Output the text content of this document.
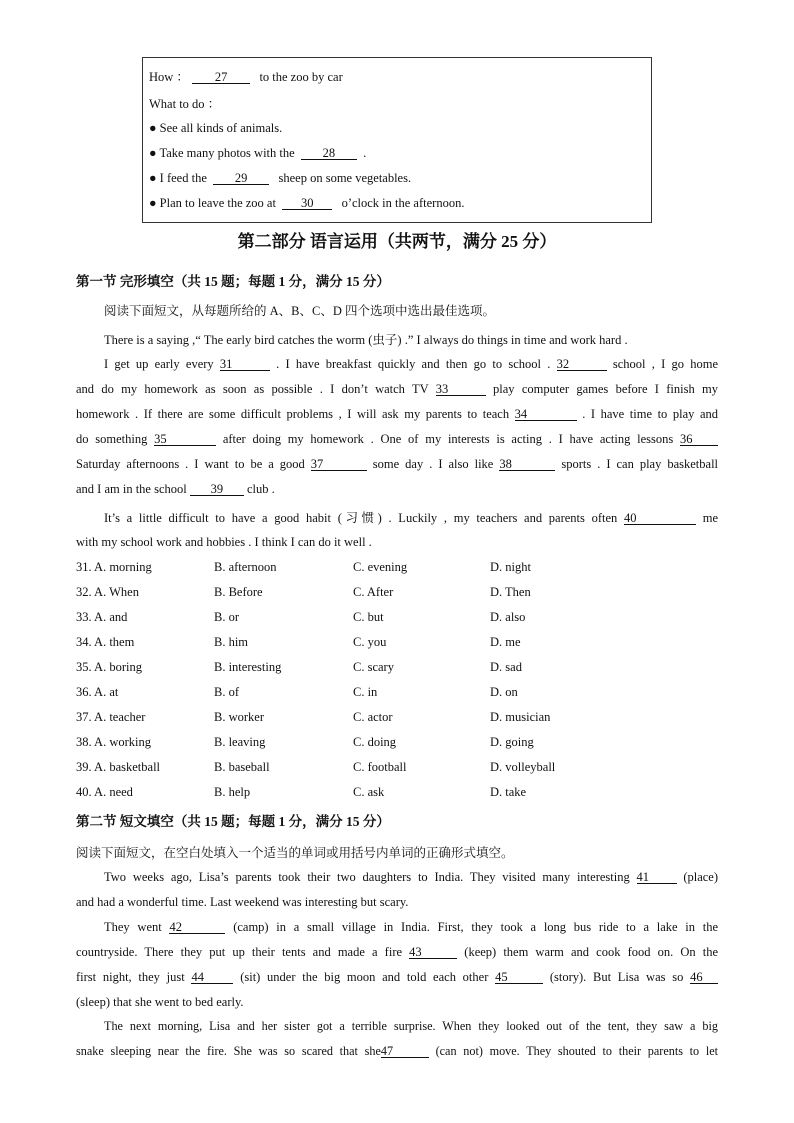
How ： 27	to the zoo by car
What to do ：
● See all kinds of animals.
● Take many photos with the 28 .
● I feed the 29 sheep on some vegetables.
● Plan to leave the zoo at 30 o’clock in the afternoon.
第二部分 语言运用（共两节，满分 25 分）
第一节 完形填空（共 15 题；每题 1 分，满分 15 分）
阅读下面短文，从每题所给的 A、B、C、D 四个选项中选出最佳选项。
There is a saying ,“ The early bird catches the worm (虫子) .” I always do things in time and work hard .
I get up early every 31	. I have breakfast quickly and then go to school . 32	school , I go home
and do my homework as soon as possible . I don’t watch TV 33	play computer games before I finish my
homework . If there are some difficult problems , I will ask my parents to teach 34	. I have time to play and
do something 35	after doing my homework . One of my interests is acting . I have acting lessons 36
Saturday afternoons . I want to be a good 37	some day . I also like 38	sports . I can play basketball
and I am in the school 39 club .
It’s a little difficult to have a good habit (习惯) . Luckily , my teachers and parents often 40	me
with my school work and hobbies . I think I can do it well .
31. A. morning	B. afternoon	C. evening	D. night
32. A. When	B. Before	C. After	D. Then
33. A. and	B. or	C. but	D. also
34. A. them	B. him	C. you	D. me
35. A. boring	B. interesting	C. scary	D. sad
36. A. at	B. of	C. in	D. on
37. A. teacher	B. worker	C. actor	D. musician
38. A. working	B. leaving	C. doing	D. going
39. A. basketball	B. baseball	C. football	D. volleyball
40. A. need	B. help	C. ask	D. take
第二节 短文填空（共 15 题；每题 1 分，满分 15 分）
阅读下面短文，在空白处填入一个适当的单词或用括号内单词的正确形式填空。
Two weeks ago, Lisa’s parents took their two daughters to India. They visited many interesting 41	(place)
and had a wonderful time. Last weekend was interesting but scary.
They went 42	(camp) in a small village in India. First, they took a long bus ride to a lake in the
countryside. There they put up their tents and made a fire 43	(keep) them warm and cook food on. On the
first night, they just 44	(sit) under the big moon and told each other 45	(story). But Lisa was so 46
(sleep) that she went to bed early.
The next morning, Lisa and her sister got a terrible surprise. When they looked out of the tent, they saw a big
snake sleeping near the fire. She was so scared that she47	(can not) move. They shouted to their parents to let
